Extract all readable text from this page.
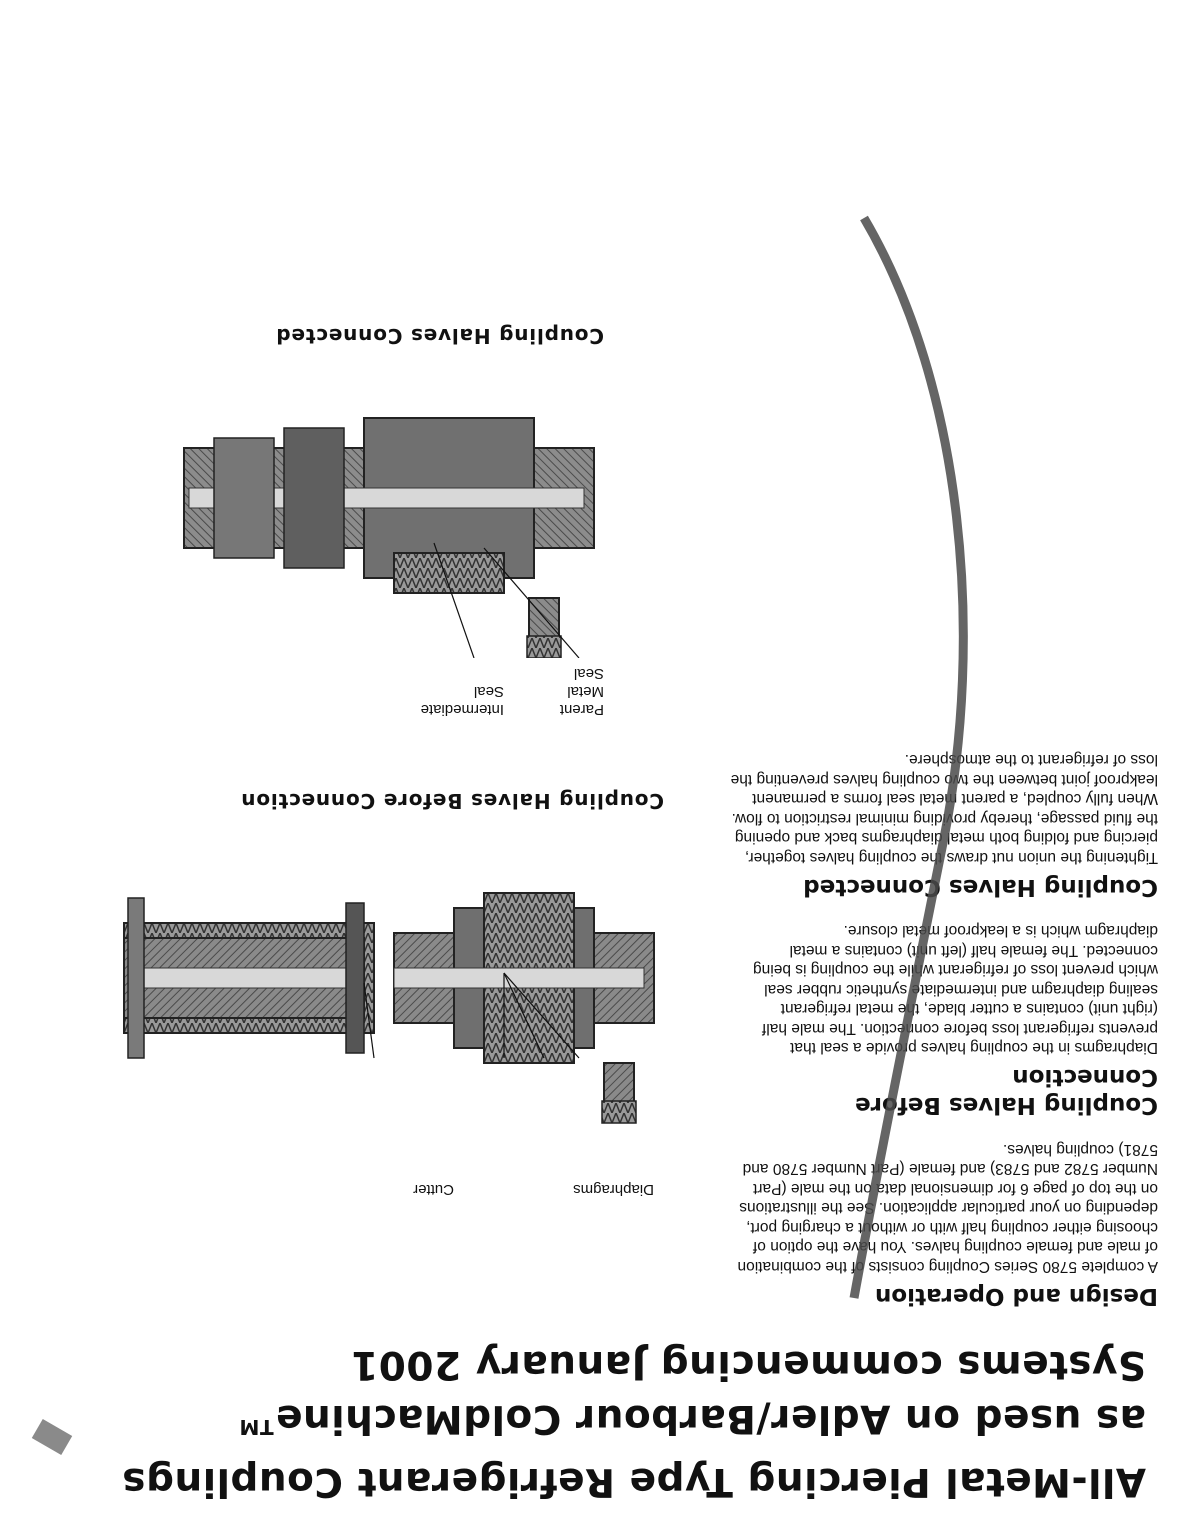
All-Metal Piercing Type Refrigerant Couplings
as used on Adler/Barbour ColdMachine™
Systems commencing January 2001
Design and Operation

A complete 5780 Series Coupling consists of the combination of male and female coupling halves. You have the option of choosing either coupling half with or without a charging port, depending on your particular application. See the illustrations on the top of page 6 for dimensional data on the male (Part Number 5782 and 5783) and female (Part Number 5780 and 5781) coupling halves.

Coupling Halves Before Connection

Diaphragms in the coupling halves provide a seal that prevents refrigerant loss before connection. The male half (right unit) contains a cutter blade, the metal refrigerant sealing diaphragm and intermediate synthetic rubber seal which prevent loss of refrigerant while the coupling is being connected. The female half (left unit) contains a metal diaphragm which is a leakproof metal closure.

Coupling Halves Connected

Tightening the union nut draws the coupling halves together, piercing and folding both metal diaphragms back and opening the fluid passage, thereby providing minimal restriction to flow. When fully coupled, a parent metal seal forms a permanent leakproof joint between the two coupling halves preventing the loss of refrigerant to the atmosphere.

Diaphragms
Cutter
Coupling Halves Before Connection
Parent
Metal
Seal
Intermediate
Seal
Coupling Halves Connected
